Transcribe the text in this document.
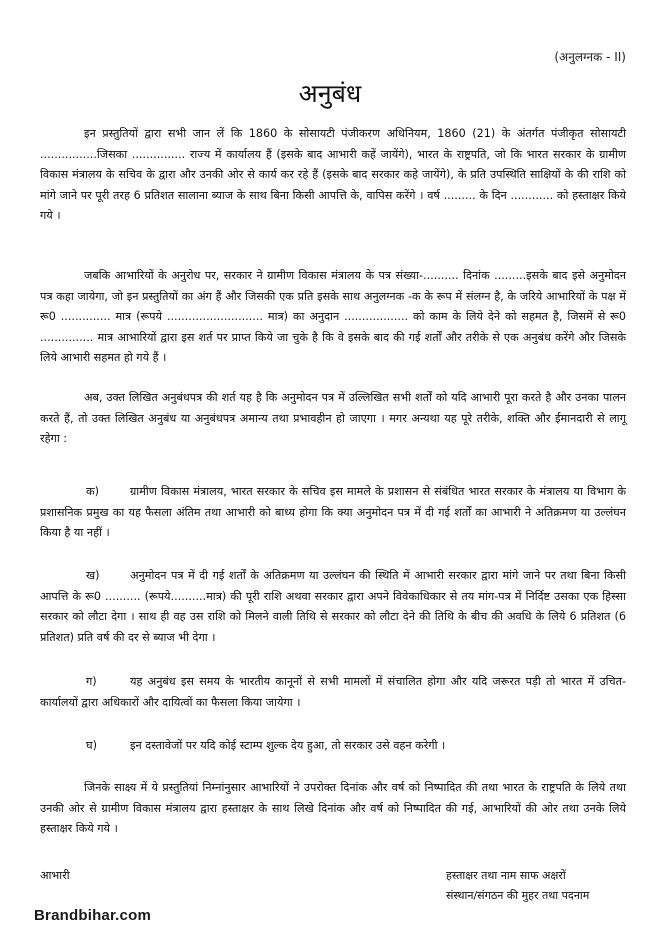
(अनुलग्नक - II)
अनुबंध

इन प्रस्तुतियों द्वारा सभी जान लें कि 1860 के सोसायटी पंजीकरण अधिनियम, 1860 (21) के अंतर्गत पंजीकृत सोसायटी ................जिसका ............... राज्य में कार्यालय हैं (इसके बाद आभारी कहें जायेंगे), भारत के राष्ट्रपति, जो कि भारत सरकार के ग्रामीण विकास मंत्रालय के सचिव के द्वारा और उनकी ओर से कार्य कर रहे हैं (इसके बाद सरकार कहे जायेंगे), के प्रति उपस्थिति साक्षियों के की राशि को मांगे जाने पर पूरी तरह 6 प्रतिशत सालाना ब्याज के साथ बिना किसी आपत्ति के, वापिस करेंगे । वर्ष ......... के दिन ............ को हस्ताक्षर किये गये ।

जबकि आभारियों के अनुरोध पर, सरकार ने ग्रामीण विकास मंत्रालय के पत्र संख्या-.......... दिनांक .........इसके बाद इसे अनुमोदन पत्र कहा जायेगा, जो इन प्रस्तुतियों का अंग हैं और जिसकी एक प्रति इसके साथ अनुलग्नक -क के रूप में संलग्न है, के जरिये आभारियों के पक्ष में रू0 .............. मात्र (रूपये ........................... मात्र) का अनुदान .................. को काम के लिये देने को सहमत है, जिसमें से रू0 ............... मात्र आभारियों द्वारा इस शर्त पर प्राप्त किये जा चुके है कि वे इसके बाद की गई शर्तों और तरीके से एक अनुबंध करेंगे और जिसके लिये आभारी सहमत हो गये हैं ।

अब, उक्त लिखित अनुबंधपत्र की शर्त यह है कि अनुमोदन पत्र में उल्लिखित सभी शर्तों को यदि आभारी पूरा करते है और उनका पालन करते हैं, तो उक्त लिखित अनुबंध या अनुबंधपत्र अमान्य तथा प्रभावहीन हो जाएगा । मगर अन्यथा यह पूरे तरीके, शक्ति और ईमानदारी से लागू रहेगा :

क)	ग्रामीण विकास मंत्रालय, भारत सरकार के सचिव इस मामले के प्रशासन से संबंधित भारत सरकार के मंत्रालय या विभाग के प्रशासनिक प्रमुख का यह फैसला अंतिम तथा आभारी को बाध्य होगा कि क्या अनुमोदन पत्र में दी गई शर्तों का आभारी ने अतिक्रमण या उल्लंघन किया है या नहीं ।

ख)	अनुमोदन पत्र में दी गई शर्तों के अतिक्रमण या उल्लंघन की स्थिति में आभारी सरकार द्वारा मांगे जाने पर तथा बिना किसी आपत्ति के रू0 .......... (रूपये..........मात्र) की पूरी राशि अथवा सरकार द्वारा अपने विवेकाधिकार से तय मांग-पत्र में निर्दिष्ट उसका एक हिस्सा सरकार को लौटा देगा । साथ ही वह उस राशि को मिलने वाली तिथि से सरकार को लौटा देने की तिथि के बीच की अवधि के लिये 6 प्रतिशत (6 प्रतिशत) प्रति वर्ष की दर से ब्याज भी देगा ।

ग)	यह अनुबंध इस समय के भारतीय कानूनों से सभी मामलों में संचालित होगा और यदि जरूरत पड़ी तो भारत में उचित-कार्यालयों द्वारा अधिकारों और दायित्वों का फैसला किया जायेगा ।

घ)	इन दस्तावेजों पर यदि कोई स्टाम्प शुल्क देय हुआ, तो सरकार उसे वहन करेगी ।

जिनके साक्ष्य में ये प्रस्तुतियां निम्नांनुसार आभारियों ने उपरोक्त दिनांक और वर्ष को निष्पादित की तथा भारत के राष्ट्रपति के लिये तथा उनकी ओर से ग्रामीण विकास मंत्रालय द्वारा हस्ताक्षर के साथ लिखे दिनांक और वर्ष को निष्पादित की गई, आभारियों की ओर तथा उनके लिये हस्ताक्षर किये गये ।

आभारी	हस्ताक्षर तथा नाम साफ अक्षरों
संस्थान/संगठन की मुहर तथा पदनाम
Brandbihar.com
